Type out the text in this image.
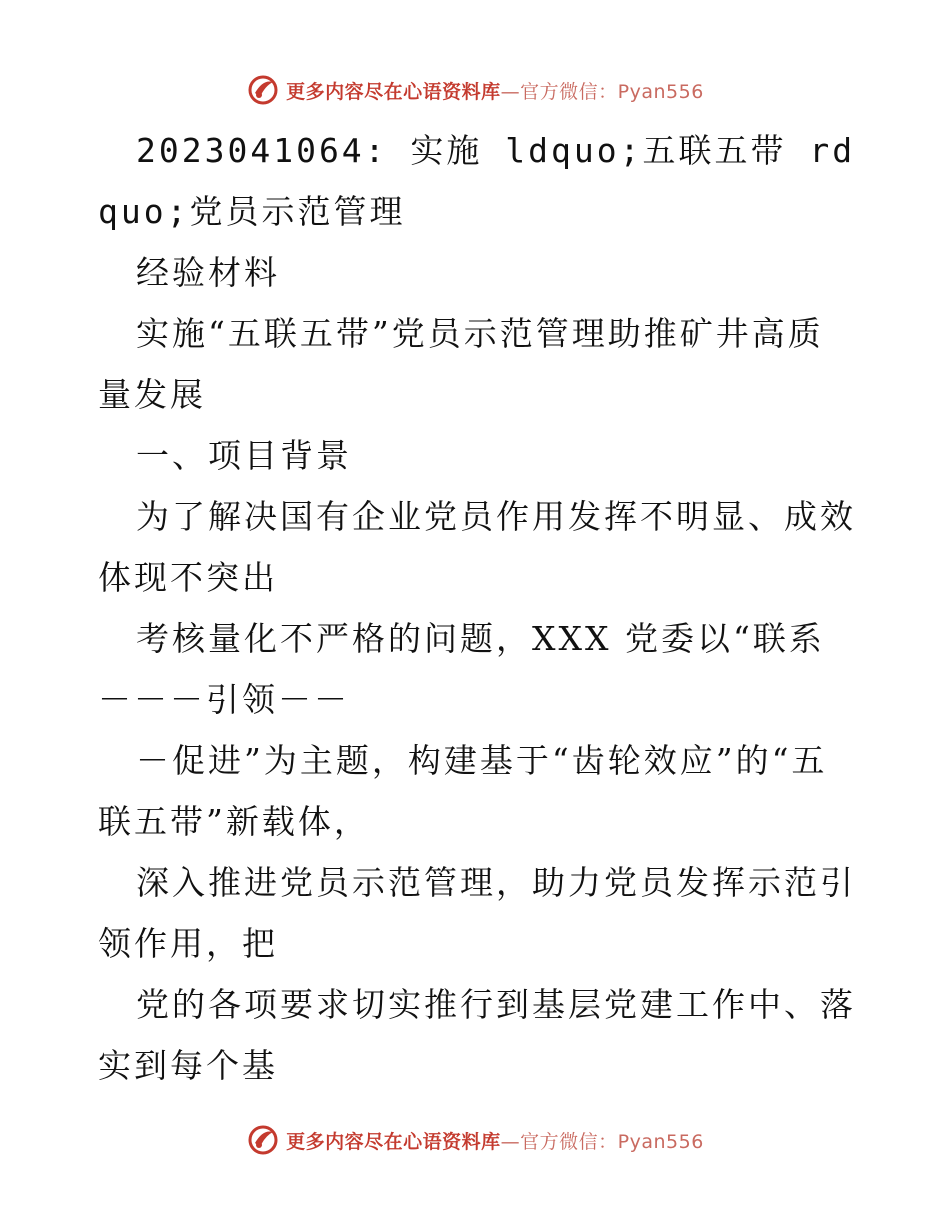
更多内容尽在心语资料库—官方微信：Pyan556

2023041064: 实施 ldquo;五联五带 rdquo;党员示范管理

经验材料

实施“五联五带”党员示范管理助推矿井高质量发展

一、项目背景

为了解决国有企业党员作用发挥不明显、成效体现不突出

考核量化不严格的问题，XXX 党委以“联系－－－引领－－

－促进”为主题，构建基于“齿轮效应”的“五联五带”新载体，

深入推进党员示范管理，助力党员发挥示范引领作用，把

党的各项要求切实推行到基层党建工作中、落实到每个基

更多内容尽在心语资料库—官方微信：Pyan556
